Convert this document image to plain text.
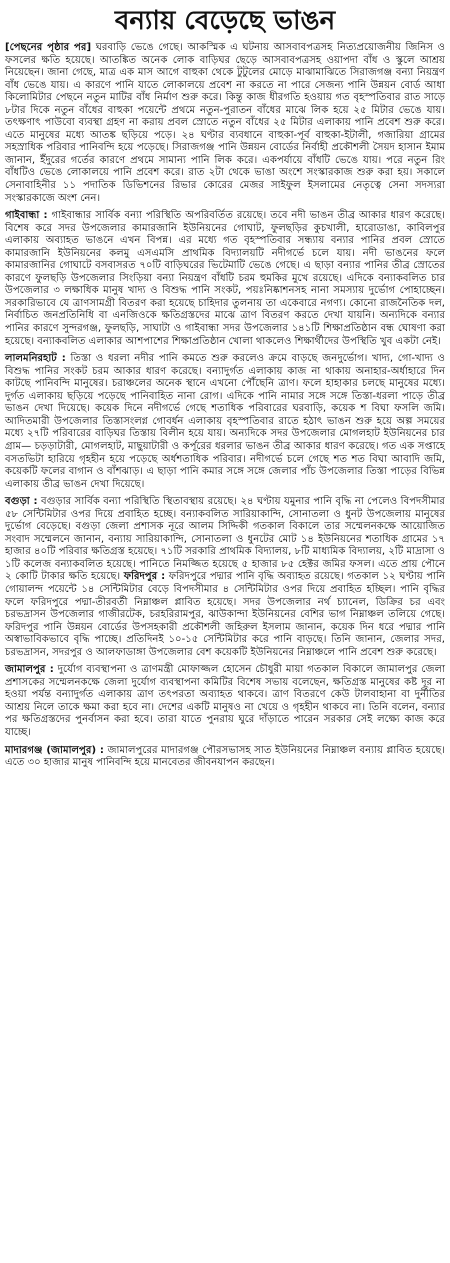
বন্যায় বেড়েছে ভাঙন

[পেছনের পৃষ্ঠার পর] ঘরবাড়ি ভেঙে গেছে। আকস্মিক এ ঘটনায় আসবাবপত্রসহ নিত্যপ্রয়োজনীয় জিনিস ও ফসলের ক্ষতি হয়েছে। আতঙ্কিত অনেক লোক বাড়িঘর ছেড়ে আসবাবপত্রসহ ওয়াপদা বাঁধ ও স্কুলে আশ্রয় নিয়েছেন। জানা গেছে, মাত্র এক মাস আগে বাহুকা থেকে টুটুলের মোড়ে মাঝামাঝিতে সিরাজগঞ্জ বন্যা নিয়ন্ত্রণ বাঁধ ভেঙে যায়। এ কারণে পানি যাতে লোকালয়ে প্রবেশ না করতে না পারে সেজন্য পানি উন্নয়ন বোর্ড আধা কিলোমিটার পেছনে নতুন মাটির বাঁধ নির্মাণ শুরু করে। কিন্তু কাজ ধীরগতি হওয়ায় গত বৃহস্পতিবার রাত সাড়ে ৮টার দিকে নতুন বাঁধের বাহুকা পয়েন্টে প্রথমে নতুন-পুরাতন বাঁধের মাঝে লিক হয়ে ২৫ মিটার ভেঙে যায়। তৎক্ষণাৎ পাউবো ব্যবস্থা গ্রহণ না করায় প্রবল স্রোতে নতুন বাঁধের ২৫ মিটার এলাকায় পানি প্রবেশ শুরু করে। এতে মানুষের মধ্যে আতঙ্ক ছড়িয়ে পড়ে। ২৪ ঘণ্টার ব্যবধানে বাহুকা-পূর্ব বাহুকা-ইটালী, গজারিয়া গ্রামের সহস্রাধিক পরিবার পানিবন্দি হয়ে পড়েছে। সিরাজগঞ্জ পানি উন্নয়ন বোর্ডের নির্বাহী প্রকৌশলী সৈয়দ হাসান ইমাম জানান, ইঁদুরের গর্তের কারণে প্রথমে সামান্য পানি লিক করে। একপর্যায়ে বাঁধটি ভেঙে যায়। পরে নতুন রিং বাঁধটিও ভেঙে লোকালয়ে পানি প্রবেশ করে। রাত ২টা থেকে ভাঙা অংশে সংস্কারকাজ শুরু করা হয়। সকালে সেনাবাহিনীর ১১ পদাতিক ডিভিশনের রিভার কোরের মেজর সাইফুল ইসলামের নেতৃত্বে সেনা সদস্যরা সংস্কারকাজে অংশ নেন।

গাইবান্ধা : গাইবান্ধার সার্বিক বন্যা পরিস্থিতি অপরিবর্তিত রয়েছে। তবে নদী ভাঙন তীব্র আকার ধারণ করেছে। বিশেষ করে সদর উপজেলার কামারজানি ইউনিয়নের গোঘাট, ফুলছড়ির কুচখালী, হারোডাঙা, কাবিলপুর এলাকায় অব্যাহত ভাঙনে এখন বিপন্ন। এর মধ্যে গত বৃহস্পতিবার সন্ধ্যায় বন্যার পানির প্রবল স্রোতে কামারজানি ইউনিয়নের কলমু এসএমসি প্রাথমিক বিদ্যালয়টি নদীগর্ভে চলে যায়। নদী ভাঙনের ফলে কামারজানির গোঘাটে বসবাসরত ৭০টি বাড়িঘরের ভিটেমাটি ভেঙে গেছে। এ ছাড়া বন্যার পানির তীব্র স্রোতের কারণে ফুলছড়ি উপজেলার সিংড়িয়া বন্যা নিয়ন্ত্রণ বাঁধটি চরম হুমকির মুখে রয়েছে। এদিকে বন্যাকবলিত চার উপজেলার ৩ লক্ষাধিক মানুষ খাদ্য ও বিশুদ্ধ পানি সংকট, পয়ঃনিষ্কাশনসহ নানা সমস্যায় দুর্ভোগ পোহাচ্ছেন। সরকারিভাবে যে ত্রাণসামগ্রী বিতরণ করা হয়েছে চাহিদার তুলনায় তা একেবারে নগণ্য। কোনো রাজনৈতিক দল, নির্বাচিত জনপ্রতিনিধি বা এনজিওকে ক্ষতিগ্রস্তদের মাঝে ত্রাণ বিতরণ করতে দেখা যায়নি। অন্যদিকে বন্যার পানির কারণে সুন্দরগঞ্জ, ফুলছড়ি, সাঘাটা ও গাইবান্ধা সদর উপজেলার ১৪১টি শিক্ষাপ্রতিষ্ঠান বন্ধ ঘোষণা করা হয়েছে। বন্যাকবলিত এলাকার আশপাশের শিক্ষাপ্রতিষ্ঠান খোলা থাকলেও শিক্ষার্থীদের উপস্থিতি খুব একটা নেই।

লালমনিরহাট : তিস্তা ও ধরলা নদীর পানি কমতে শুরু করলেও ক্রমে বাড়ছে জনদুর্ভোগ। খাদ্য, গো-খাদ্য ও বিশুদ্ধ পানির সংকট চরম আকার ধারণ করেছে। বন্যাদুর্গত এলাকায় কাজ না থাকায় অনাহার-অর্ধাহারে দিন কাটছে পানিবন্দি মানুষের। চরাঞ্চলের অনেক স্থানে এখনো পৌঁছেনি ত্রাণ। ফলে হাহাকার চলছে মানুষের মধ্যে। দুর্গত এলাকায় ছড়িয়ে পড়েছে পানিবাহিত নানা রোগ। এদিকে পানি নামার সঙ্গে সঙ্গে তিস্তা-ধরলা পাড়ে তীব্র ভাঙন দেখা দিয়েছে। কয়েক দিনে নদীগর্ভে গেছে শতাধিক পরিবারের ঘরবাড়ি, কয়েক শ বিঘা ফসলি জমি। আদিতমারী উপজেলার তিস্তাসংলগ্ন গোবর্ধন এলাকায় বৃহস্পতিবার রাতে হঠাৎ ভাঙন শুরু হয়ে অল্প সময়ের মধ্যে ২৭টি পরিবারের বাড়িঘর তিস্তায় বিলীন হয়ে যায়। অন্যদিকে সদর উপজেলার মোগলহাট ইউনিয়নের চার গ্রাম— চড়ড়াটারী, মোগলহাট, মাছুয়াটারী ও কর্পূরের ধরলার ভাঙন তীব্র আকার ধারণ করেছে। গত এক সপ্তাহে বসতভিটা হারিয়ে গৃহহীন হয়ে পড়েছে অর্ধশতাধিক পরিবার। নদীগর্ভে চলে গেছে শত শত বিঘা আবাদি জমি, কয়েকটি ফলের বাগান ও বাঁশঝাড়। এ ছাড়া পানি কমার সঙ্গে সঙ্গে জেলার পাঁচ উপজেলার তিস্তা পাড়ের বিভিন্ন এলাকায় তীব্র ভাঙন দেখা দিয়েছে।

বগুড়া : বগুড়ার সার্বিক বন্যা পরিস্থিতি স্থিতাবস্থায় রয়েছে। ২৪ ঘণ্টায় যমুনার পানি বৃদ্ধি না পেলেও বিপদসীমার ৫৮ সেন্টিমিটার ওপর দিয়ে প্রবাহিত হচ্ছে। বন্যাকবলিত সারিয়াকান্দি, সোনাতলা ও ধুনট উপজেলায় মানুষের দুর্ভোগ বেড়েছে। বগুড়া জেলা প্রশাসক নূরে আলম সিদ্দিকী গতকাল বিকালে তার সম্মেলনকক্ষে আয়োজিত সংবাদ সম্মেলনে জানান, বন্যায় সারিয়াকান্দি, সোনাতলা ও ধুনটের মোট ১৪ ইউনিয়নের শতাধিক গ্রামের ১৭ হাজার ৪০টি পরিবার ক্ষতিগ্রস্ত হয়েছে। ৭১টি সরকারি প্রাথমিক বিদ্যালয়, ৮টি মাধ্যমিক বিদ্যালয়, ২টি মাদ্রাসা ও ১টি কলেজ বন্যাকবলিত হয়েছে। পানিতে নিমজ্জিত হয়েছে ৫ হাজার ৮৫ হেক্টর জমির ফসল। এতে প্রায় পৌনে ২ কোটি টাকার ক্ষতি হয়েছে। ফরিদপুর : ফরিদপুরে পদ্মার পানি বৃদ্ধি অব্যাহত রয়েছে। গতকাল ১২ ঘণ্টায় পানি গোয়ালন্দ পয়েন্টে ১৪ সেন্টিমিটার বেড়ে বিপদসীমার ৪ সেন্টিমিটার ওপর দিয়ে প্রবাহিত হচ্ছিল। পানি বৃদ্ধির ফলে ফরিদপুরে পদ্মা-তীরবর্তী নিম্নাঞ্চল প্লাবিত হয়েছে। সদর উপজেলার নর্থ চ্যানেল, ডিক্রির চর এবং চরভদ্রাসন উপজেলার গাজীরটেক, চরহরিরামপুর, ঝাউকান্দা ইউনিয়নের বেশির ভাগ নিম্নাঞ্চল তলিয়ে গেছে। ফরিদপুর পানি উন্নয়ন বোর্ডের উপসহকারী প্রকৌশলী জহিরুল ইসলাম জানান, কয়েক দিন ধরে পদ্মার পানি অস্বাভাবিকভাবে বৃদ্ধি পাচ্ছে। প্রতিদিনই ১০-১৫ সেন্টিমিটার করে পানি বাড়ছে। তিনি জানান, জেলার সদর, চরভদ্রাসন, সদরপুর ও আলফাডাঙ্গা উপজেলার বেশ কয়েকটি ইউনিয়নের নিম্নাঞ্চলে পানি প্রবেশ শুরু করেছে।

জামালপুর : দুর্যোগ ব্যবস্থাপনা ও ত্রাণমন্ত্রী মোফাজ্জল হোসেন চৌধুরী মায়া গতকাল বিকালে জামালপুর জেলা প্রশাসকের সম্মেলনকক্ষে জেলা দুর্যোগ ব্যবস্থাপনা কমিটির বিশেষ সভায় বলেছেন, ক্ষতিগ্রস্ত মানুষের কষ্ট দূর না হওয়া পর্যন্ত বন্যাদুর্গত এলাকায় ত্রাণ তৎপরতা অব্যাহত থাকবে। ত্রাণ বিতরণে কেউ টালবাহানা বা দুর্নীতির আশ্রয় নিলে তাকে ক্ষমা করা হবে না। দেশের একটি মানুষও না খেয়ে ও গৃহহীন থাকবে না। তিনি বলেন, বন্যার পর ক্ষতিগ্রস্তদের পুনর্বাসন করা হবে। তারা যাতে পুনরায় ঘুরে দাঁড়াতে পারেন সরকার সেই লক্ষ্যে কাজ করে যাচ্ছে।

মাদারগঞ্জ (জামালপুর) : জামালপুরের মাদারগঞ্জ পৌরসভাসহ সাত ইউনিয়নের নিম্নাঞ্চল বন্যায় প্লাবিত হয়েছে। এতে ৩০ হাজার মানুষ পানিবন্দি হয়ে মানবেতর জীবনযাপন করছেন।
